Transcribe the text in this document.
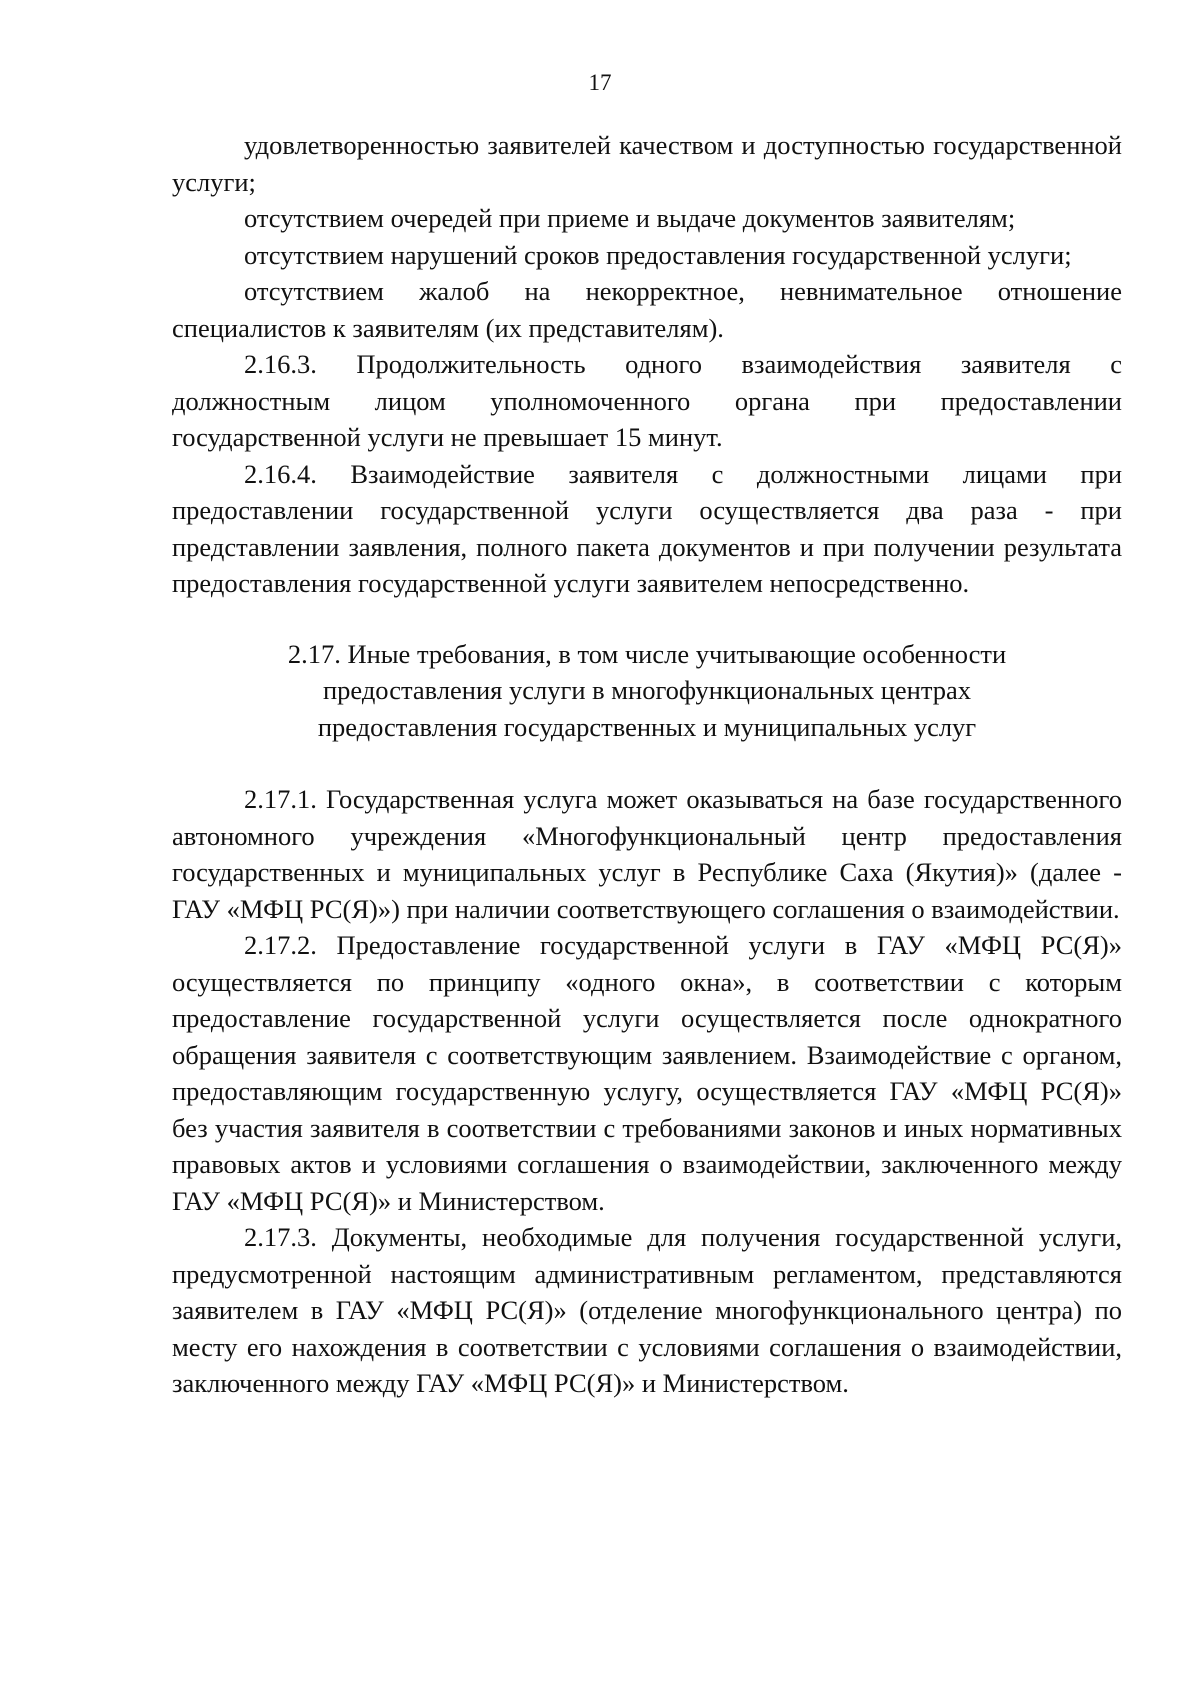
17

удовлетворенностью заявителей качеством и доступностью государственной услуги;

отсутствием очередей при приеме и выдаче документов заявителям;

отсутствием нарушений сроков предоставления государственной услуги;

отсутствием жалоб на некорректное, невнимательное отношение специалистов к заявителям (их представителям).

2.16.3. Продолжительность одного взаимодействия заявителя с должностным лицом уполномоченного органа при предоставлении государственной услуги не превышает 15 минут.

2.16.4. Взаимодействие заявителя с должностными лицами при предоставлении государственной услуги осуществляется два раза - при представлении заявления, полного пакета документов и при получении результата предоставления государственной услуги заявителем непосредственно.

2.17. Иные требования, в том числе учитывающие особенности
предоставления услуги в многофункциональных центрах
предоставления государственных и муниципальных услуг

2.17.1. Государственная услуга может оказываться на базе государственного автономного учреждения «Многофункциональный центр предоставления государственных и муниципальных услуг в Республике Саха (Якутия)» (далее - ГАУ «МФЦ РС(Я)») при наличии соответствующего соглашения о взаимодействии.

2.17.2. Предоставление государственной услуги в ГАУ «МФЦ РС(Я)» осуществляется по принципу «одного окна», в соответствии с которым предоставление государственной услуги осуществляется после однократного обращения заявителя с соответствующим заявлением. Взаимодействие с органом, предоставляющим государственную услугу, осуществляется ГАУ «МФЦ РС(Я)» без участия заявителя в соответствии с требованиями законов и иных нормативных правовых актов и условиями соглашения о взаимодействии, заключенного между ГАУ «МФЦ РС(Я)» и Министерством.

2.17.3. Документы, необходимые для получения государственной услуги, предусмотренной настоящим административным регламентом, представляются заявителем в ГАУ «МФЦ РС(Я)» (отделение многофункционального центра) по месту его нахождения в соответствии с условиями соглашения о взаимодействии, заключенного между ГАУ «МФЦ РС(Я)» и Министерством.
